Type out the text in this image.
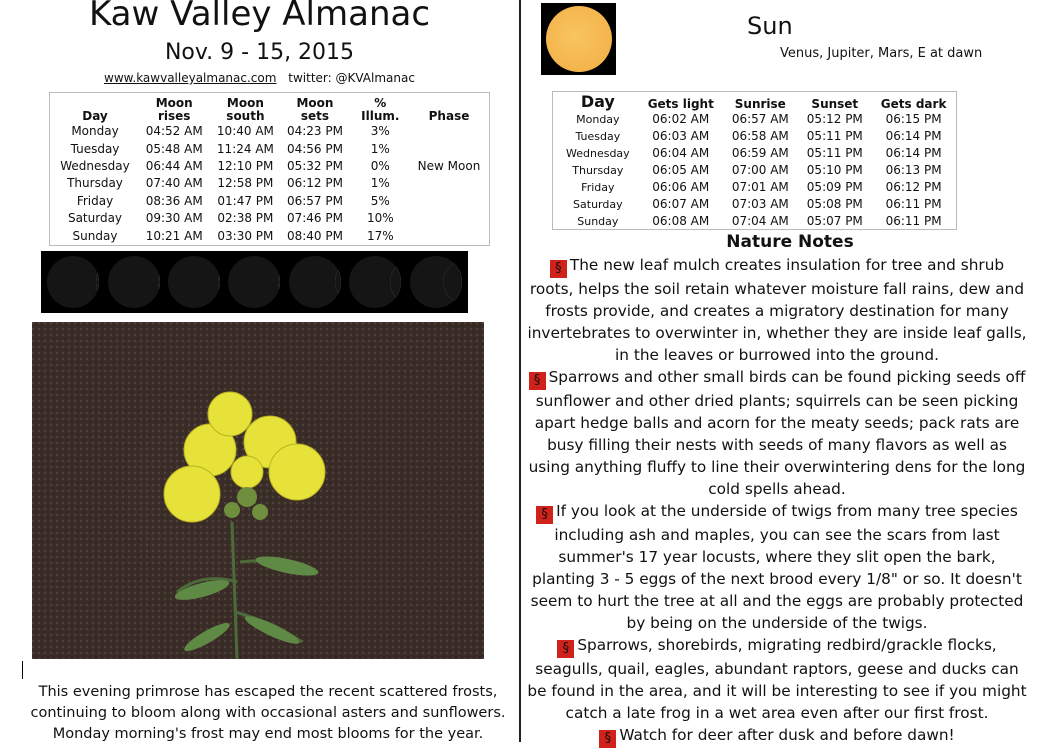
Kaw Valley Almanac
Nov. 9 - 15, 2015
www.kawvalleyalmanac.com twitter: @KVAlmanac
Day	Moon rises	Moon south	Moon sets	% Illum.	Phase
Monday	04:52 AM	10:40 AM	04:23 PM	3%	
Tuesday	05:48 AM	11:24 AM	04:56 PM	1%	
Wednesday	06:44 AM	12:10 PM	05:32 PM	0%	New Moon
Thursday	07:40 AM	12:58 PM	06:12 PM	1%	
Friday	08:36 AM	01:47 PM	06:57 PM	5%	
Saturday	09:30 AM	02:38 PM	07:46 PM	10%	
Sunday	10:21 AM	03:30 PM	08:40 PM	17%	
This evening primrose has escaped the recent scattered frosts,
continuing to bloom along with occasional asters and sunflowers.
Monday morning's frost may end most blooms for the year.
Sun
Venus, Jupiter, Mars, E at dawn
Day	Gets light	Sunrise	Sunset	Gets dark
Monday	06:02 AM	06:57 AM	05:12 PM	06:15 PM
Tuesday	06:03 AM	06:58 AM	05:11 PM	06:14 PM
Wednesday	06:04 AM	06:59 AM	05:11 PM	06:14 PM
Thursday	06:05 AM	07:00 AM	05:10 PM	06:13 PM
Friday	06:06 AM	07:01 AM	05:09 PM	06:12 PM
Saturday	06:07 AM	07:03 AM	05:08 PM	06:11 PM
Sunday	06:08 AM	07:04 AM	05:07 PM	06:11 PM
Nature Notes
§ The new leaf mulch creates insulation for tree and shrub roots, helps the soil retain whatever moisture fall rains, dew and frosts provide, and creates a migratory destination for many invertebrates to overwinter in, whether they are inside leaf galls, in the leaves or burrowed into the ground.
§ Sparrows and other small birds can be found picking seeds off sunflower and other dried plants; squirrels can be seen picking apart hedge balls and acorn for the meaty seeds; pack rats are busy filling their nests with seeds of many flavors as well as using anything fluffy to line their overwintering dens for the long cold spells ahead.
§ If you look at the underside of twigs from many tree species including ash and maples, you can see the scars from last summer's 17 year locusts, where they slit open the bark, planting 3 - 5 eggs of the next brood every 1/8" or so. It doesn't seem to hurt the tree at all and the eggs are probably protected by being on the underside of the twigs.
§ Sparrows, shorebirds, migrating redbird/grackle flocks, seagulls, quail, eagles, abundant raptors, geese and ducks can be found in the area, and it will be interesting to see if you might catch a late frog in a wet area even after our first frost.
§ Watch for deer after dusk and before dawn!
